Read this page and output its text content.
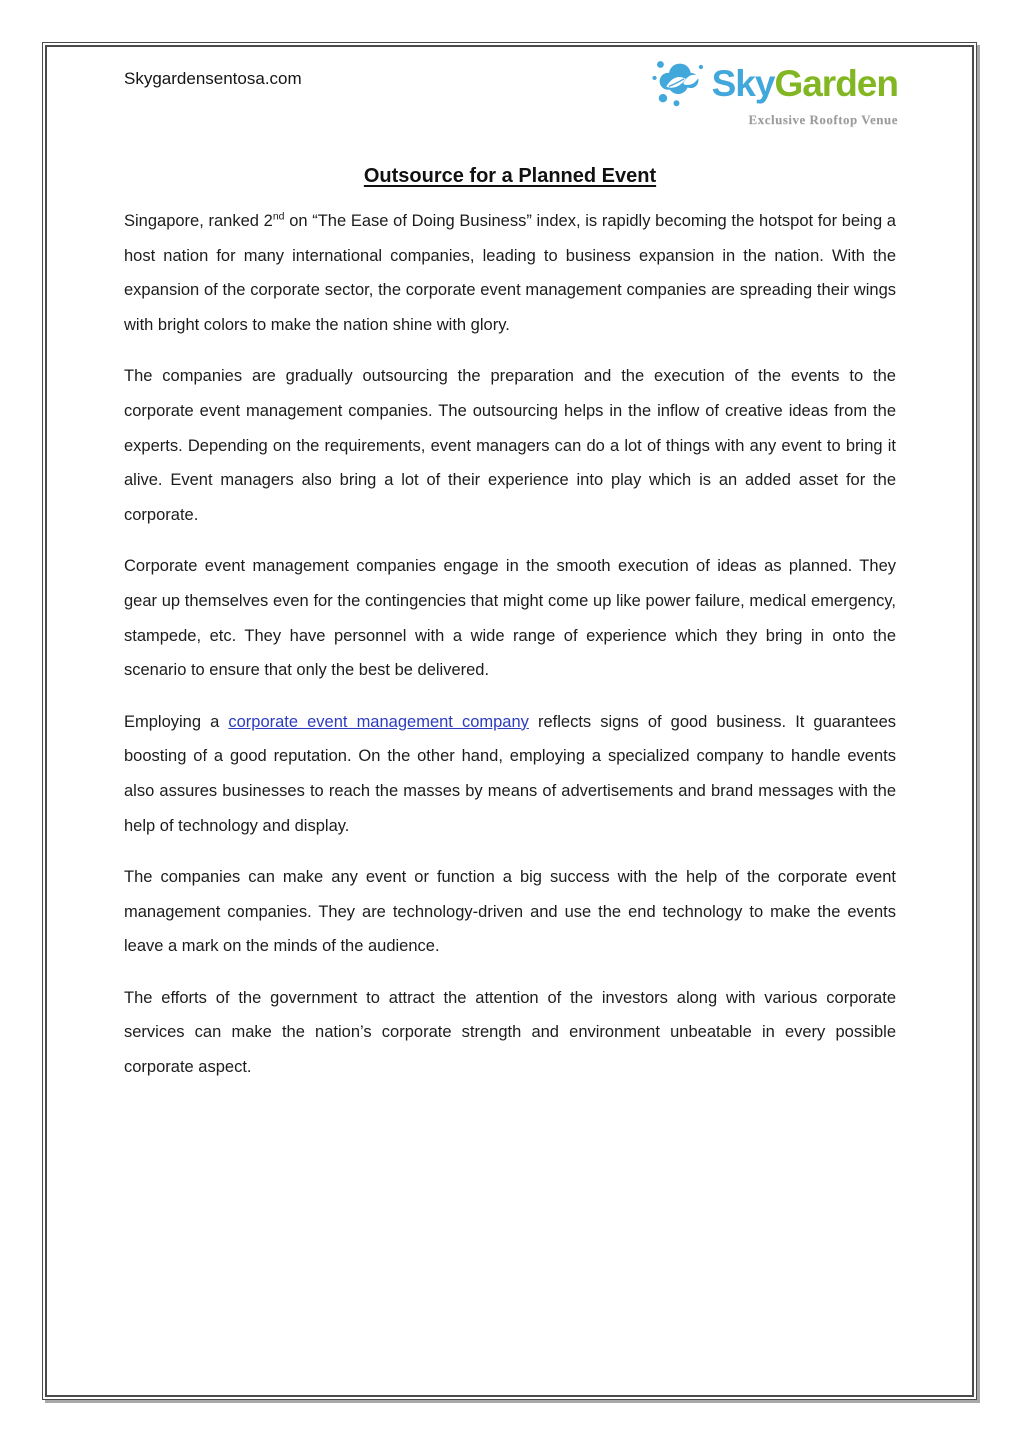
Skygardensentosa.com	SkyGarden
Exclusive Rooftop Venue
Outsource for a Planned Event

Singapore, ranked 2nd on “The Ease of Doing Business” index, is rapidly becoming the hotspot for being a host nation for many international companies, leading to business expansion in the nation. With the expansion of the corporate sector, the corporate event management companies are spreading their wings with bright colors to make the nation shine with glory.

The companies are gradually outsourcing the preparation and the execution of the events to the corporate event management companies. The outsourcing helps in the inflow of creative ideas from the experts. Depending on the requirements, event managers can do a lot of things with any event to bring it alive. Event managers also bring a lot of their experience into play which is an added asset for the corporate.

Corporate event management companies engage in the smooth execution of ideas as planned. They gear up themselves even for the contingencies that might come up like power failure, medical emergency, stampede, etc. They have personnel with a wide range of experience which they bring in onto the scenario to ensure that only the best be delivered.

Employing a corporate event management company reflects signs of good business. It guarantees boosting of a good reputation. On the other hand, employing a specialized company to handle events also assures businesses to reach the masses by means of advertisements and brand messages with the help of technology and display.

The companies can make any event or function a big success with the help of the corporate event management companies. They are technology-driven and use the end technology to make the events leave a mark on the minds of the audience.

The efforts of the government to attract the attention of the investors along with various corporate services can make the nation’s corporate strength and environment unbeatable in every possible corporate aspect.
